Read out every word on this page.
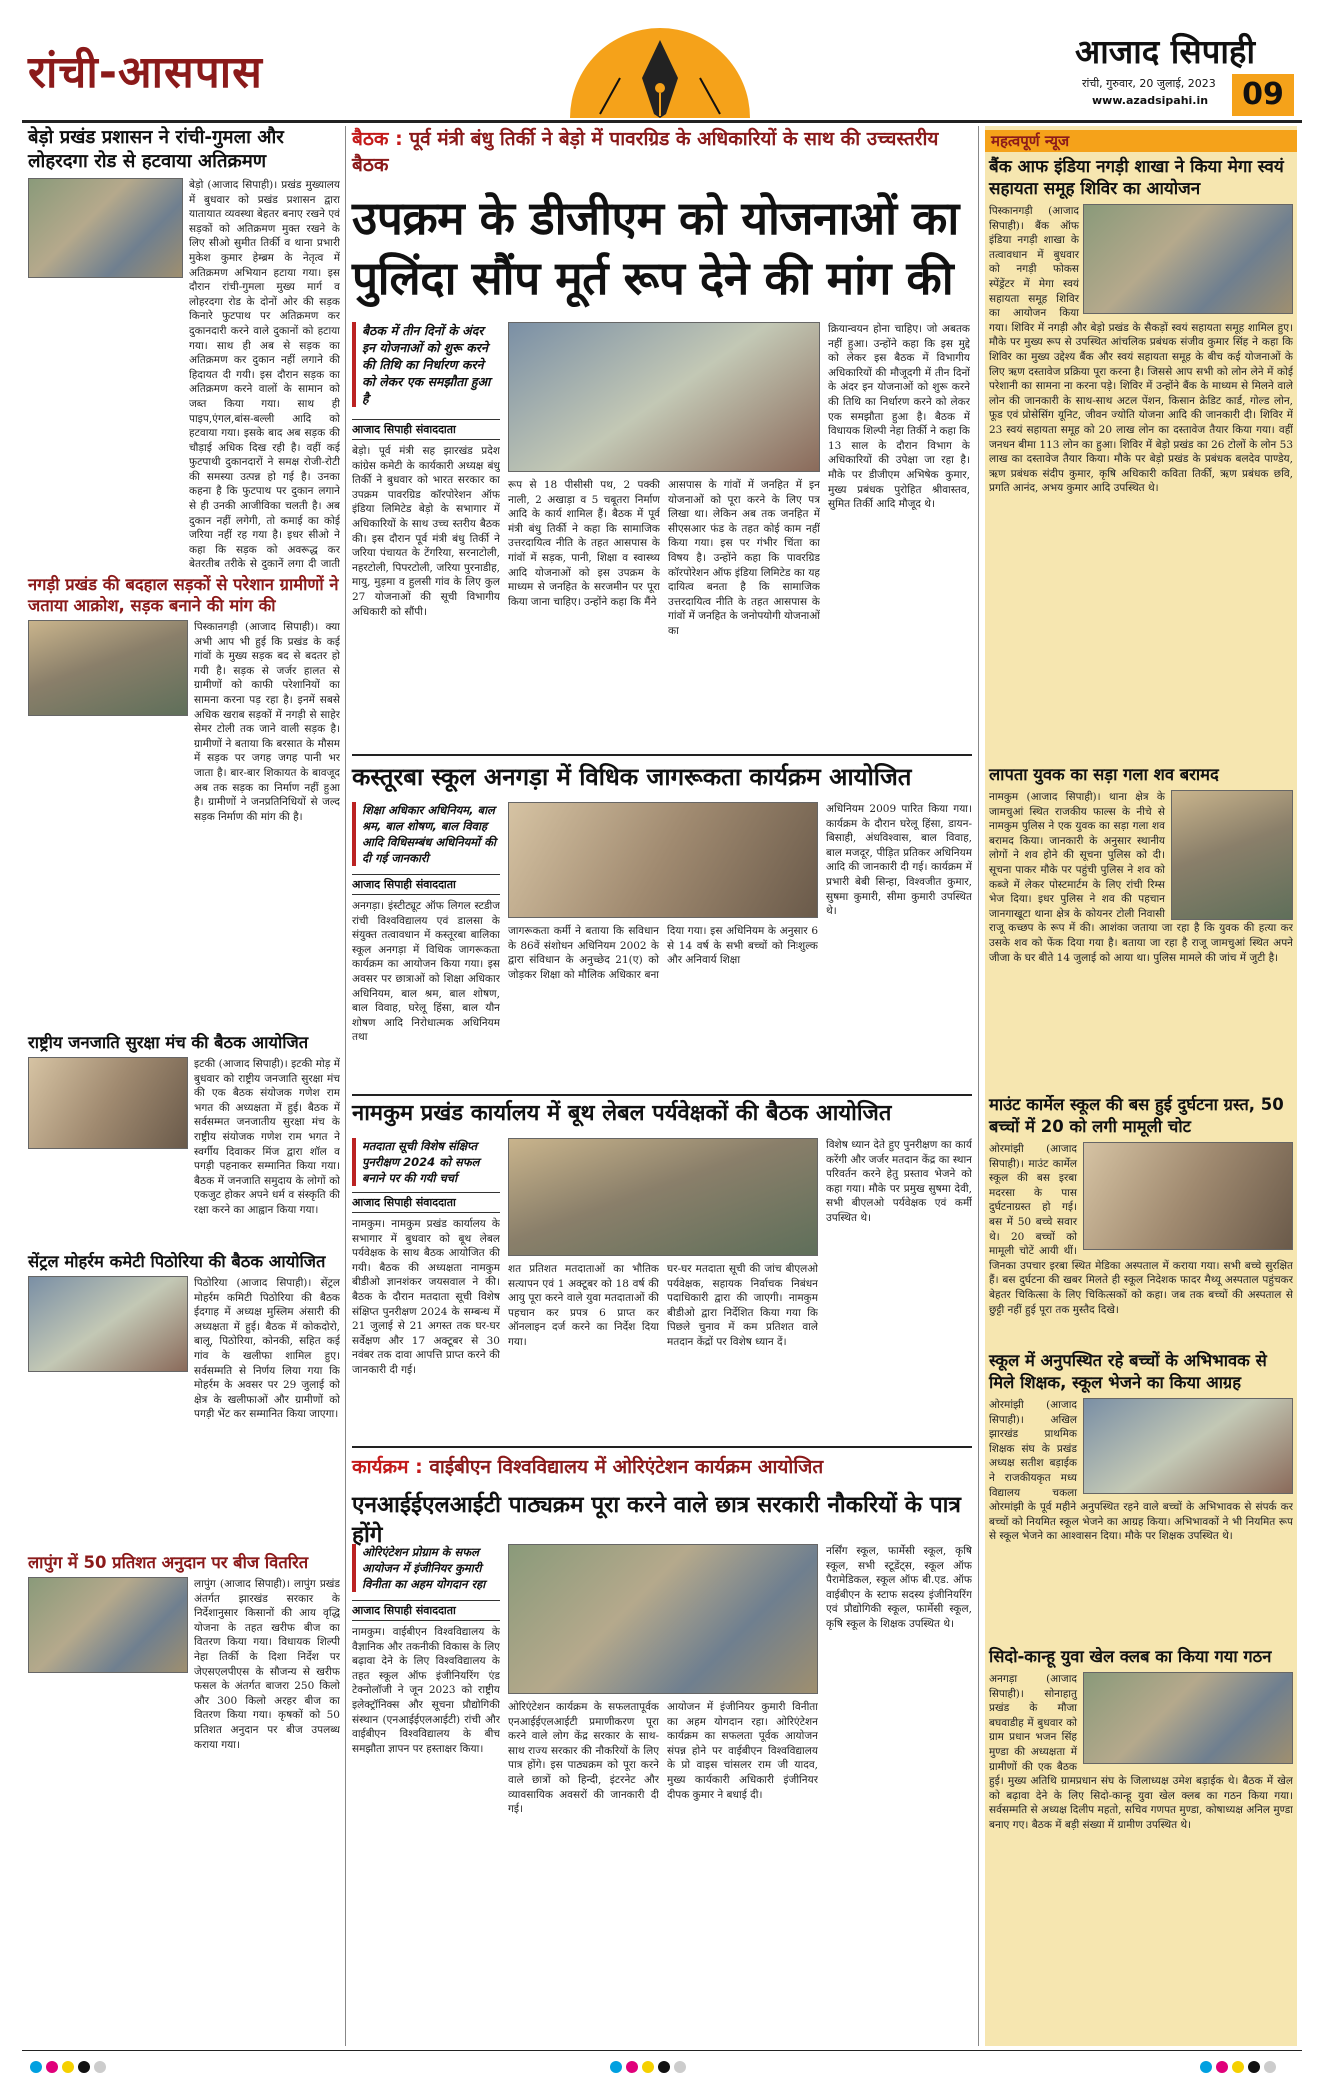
रांची-आसपास	आजाद सिपाही
रांची, गुरुवार, 20 जुलाई, 2023
www.azadsipahi.in	09
बेड़ो प्रखंड प्रशासन ने रांची-गुमला और लोहरदगा रोड से हटवाया अतिक्रमण
बेड़ो (आजाद सिपाही)। प्रखंड मुख्यालय में बुधवार को प्रखंड प्रशासन द्वारा यातायात व्यवस्था बेहतर बनाए रखने एवं सड़कों को अतिक्रमण मुक्त रखने के लिए सीओ सुमीत तिर्की व थाना प्रभारी मुकेश कुमार हेम्ब्रम के नेतृत्व में अतिक्रमण अभियान हटाया गया। इस दौरान रांची-गुमला मुख्य मार्ग व लोहरदगा रोड के दोनों ओर की सड़क किनारे फुटपाथ पर अतिक्रमण कर दुकानदारी करने वाले दुकानों को हटाया गया। साथ ही अब से सड़क का अतिक्रमण कर दुकान नहीं लगाने की हिदायत दी गयी। इस दौरान सड़क का अतिक्रमण करने वालों के सामान को जब्त किया गया। साथ ही पाइप,एंगल,बांस-बल्ली आदि को हटवाया गया। इसके बाद अब सड़क की चौड़ाई अधिक दिख रही है। वहीं कई फुटपाथी दुकानदारों ने समक्ष रोजी-रोटी की समस्या उत्पन्न हो गई है। उनका कहना है कि फुटपाथ पर दुकान लगाने से ही उनकी आजीविका चलती है। अब दुकान नहीं लगेगी, तो कमाई का कोई जरिया नहीं रह गया है। इधर सीओ ने कहा कि सड़क को अवरूद्ध कर बेतरतीब तरीके से दुकानें लगा दी जाती
नगड़ी प्रखंड की बदहाल सड़कों से परेशान ग्रामीणों ने जताया आक्रोश, सड़क बनाने की मांग की
पिस्काऩगड़ी (आजाद सिपाही)। क्या अभी आप भी हुई कि प्रखंड के कई गांवों के मुख्य सड़क बद से बदतर हो गयी है। सड़क से जर्जर हालत से ग्रामीणों को काफी परेशानियों का सामना करना पड़ रहा है। इनमें सबसे अधिक खराब सड़कों में नगड़ी से साहेर सेमर टोली तक जाने वाली सड़क है। ग्रामीणों ने बताया कि बरसात के मौसम में सड़क पर जगह जगह पानी भर जाता है। बार-बार शिकायत के बावजूद अब तक सड़क का निर्माण नहीं हुआ है। ग्रामीणों ने जनप्रतिनिधियों से जल्द सड़क निर्माण की मांग की है।
राष्ट्रीय जनजाति सुरक्षा मंच की बैठक आयोजित
इटकी (आजाद सिपाही)। इटकी मोड़ में बुधवार को राष्ट्रीय जनजाति सुरक्षा मंच की एक बैठक संयोजक गणेश राम भगत की अध्यक्षता में हुई। बैठक में सर्वसम्मत जनजातीय सुरक्षा मंच के राष्ट्रीय संयोजक गणेश राम भगत ने स्वर्गीय दिवाकर मिंज द्वारा शॉल व पगड़ी पहनाकर सम्मानित किया गया। बैठक में जनजाति समुदाय के लोगों को एकजुट होकर अपने धर्म व संस्कृति की रक्षा करने का आह्वान किया गया।
सेंट्रल मोहर्रम कमेटी पिठोरिया की बैठक आयोजित
पिठोरिया (आजाद सिपाही)। सेंट्रल मोहर्रम कमिटी पिठोरिया की बैठक ईदगाह में अध्यक्ष मुस्लिम अंसारी की अध्यक्षता में हुई। बैठक में कोकदोरो, बालू, पिठोरिया, कोनकी, सहित कई गांव के खलीफा शामिल हुए। सर्वसम्मति से निर्णय लिया गया कि मोहर्रम के अवसर पर 29 जुलाई को क्षेत्र के खलीफाओं और ग्रामीणों को पगड़ी भेंट कर सम्मानित किया जाएगा।
लापुंग में 50 प्रतिशत अनुदान पर बीज वितरित
लापुंग (आजाद सिपाही)। लापुंग प्रखंड अंतर्गत झारखंड सरकार के निर्देशानुसार किसानों की आय वृद्धि योजना के तहत खरीफ बीज का वितरण किया गया। विधायक शिल्पी नेहा तिर्की के दिशा निर्देश पर जेएसएलपीएस के सौजन्य से खरीफ फसल के अंतर्गत बाजरा 250 किलो और 300 किलो अरहर बीज का वितरण किया गया। कृषकों को 50 प्रतिशत अनुदान पर बीज उपलब्ध कराया गया।
बैठक : पूर्व मंत्री बंधु तिर्की ने बेड़ो में पावरग्रिड के अधिकारियों के साथ की उच्चस्तरीय बैठक
उपक्रम के डीजीएम को योजनाओं का पुलिंदा सौंप मूर्त रूप देने की मांग की
बैठक में तीन दिनों के अंदर इन योजनाओं को शुरू करने की तिथि का निर्धारण करने को लेकर एक समझौता हुआ है
आजाद सिपाही संवाददाता
बेड़ो। पूर्व मंत्री सह झारखंड प्रदेश कांग्रेस कमेटी के कार्यकारी अध्यक्ष बंधु तिर्की ने बुधवार को भारत सरकार का उपक्रम पावरग्रिड कॉरपोरेशन ऑफ इंडिया लिमिटेड बेड़ो के सभागार में अधिकारियों के साथ उच्च स्तरीय बैठक की। इस दौरान पूर्व मंत्री बंधु तिर्की ने जरिया पंचायत के टेंगरिया, सरनाटोली, नहरटोली, पिपरटोली, जरिया पुरनाडीह, मायु, मुड़मा व हुलसी गांव के लिए कुल 27 योजनाओं की सूची विभागीय अधिकारी को सौंपी।
क्रियान्वयन होना चाहिए। जो अबतक नहीं हुआ। उन्होंने कहा कि इस मुद्दे को लेकर इस बैठक में विभागीय अधिकारियों की मौजूदगी में तीन दिनों के अंदर इन योजनाओं को शुरू करने की तिथि का निर्धारण करने को लेकर एक समझौता हुआ है। बैठक में विधायक शिल्पी नेहा तिर्की ने कहा कि 13 साल के दौरान विभाग के अधिकारियों की उपेक्षा जा रहा है। मौके पर डीजीएम अभिषेक कुमार, मुख्य प्रबंधक पुरोहित श्रीवास्तव, सुमित तिर्की आदि मौजूद थे।
रूप से 18 पीसीसी पथ, 2 पक्की नाली, 2 अखाड़ा व 5 चबूतरा निर्माण आदि के कार्य शामिल हैं। बैठक में पूर्व मंत्री बंधु तिर्की ने कहा कि सामाजिक उत्तरदायित्व नीति के तहत आसपास के गांवों में सड़क, पानी, शिक्षा व स्वास्थ्य आदि योजनाओं को इस उपक्रम के माध्यम से जनहित के सरजमीन पर पूरा किया जाना चाहिए। उन्होंने कहा कि मैंने
आसपास के गांवों में जनहित में इन योजनाओं को पूरा करने के लिए पत्र लिखा था। लेकिन अब तक जनहित में सीएसआर फंड के तहत कोई काम नहीं किया गया। इस पर गंभीर चिंता का विषय है। उन्होंने कहा कि पावरग्रिड कॉरपोरेशन ऑफ इंडिया लिमिटेड का यह दायित्व बनता है कि सामाजिक उत्तरदायित्व नीति के तहत आसपास के गांवों में जनहित के जनोपयोगी योजनाओं का
कस्तूरबा स्कूल अनगड़ा में विधिक जागरूकता कार्यक्रम आयोजित
शिक्षा अधिकार अधिनियम, बाल श्रम, बाल शोषण, बाल विवाह आदि विधिसम्बंध अधिनियमों की दी गई जानकारी
आजाद सिपाही संवाददाता
अनगड़ा। इंस्टीट्यूट ऑफ लिगल स्टडीज रांची विश्वविद्यालय एवं डालसा के संयुक्त तत्वावधान में कस्तूरबा बालिका स्कूल अनगड़ा में विधिक जागरूकता कार्यक्रम का आयोजन किया गया। इस अवसर पर छात्राओं को शिक्षा अधिकार अधिनियम, बाल श्रम, बाल शोषण, बाल विवाह, घरेलू हिंसा, बाल यौन शोषण आदि निरोधात्मक अधिनियम तथा
जागरूकता कर्मी ने बताया कि सविधान के 86वें संशोधन अधिनियम 2002 के द्वारा संविधान के अनुच्छेद 21(ए) को जोड़कर शिक्षा को मौलिक अधिकार बना दिया गया। इस अधिनियम के अनुसार 6 से 14 वर्ष के सभी बच्चों को निःशुल्क और अनिवार्य शिक्षा
अधिनियम 2009 पारित किया गया। कार्यक्रम के दौरान घरेलू हिंसा, डायन-बिसाही, अंधविश्वास, बाल विवाह, बाल मजदूर, पीड़ित प्रतिकर अधिनियम आदि की जानकारी दी गई। कार्यक्रम में प्रभारी बेबी सिन्हा, विश्वजीत कुमार, सुषमा कुमारी, सीमा कुमारी उपस्थित थे।
नामकुम प्रखंड कार्यालय में बूथ लेबल पर्यवेक्षकों की बैठक आयोजित
मतदाता सूची विशेष संक्षिप्त पुनरीक्षण 2024 को सफल बनाने पर की गयी चर्चा
आजाद सिपाही संवाददाता
नामकुम। नामकुम प्रखंड कार्यालय के सभागार में बुधवार को बूथ लेबल पर्यवेक्षक के साथ बैठक आयोजित की गयी। बैठक की अध्यक्षता नामकुम बीडीओ ज्ञानशंकर जयसवाल ने की। बैठक के दौरान मतदाता सूची विशेष संक्षिप्त पुनरीक्षण 2024 के सम्बन्ध में 21 जुलाई से 21 अगस्त तक घर-घर सर्वेक्षण और 17 अक्टूबर से 30 नवंबर तक दावा आपत्ति प्राप्त करने की जानकारी दी गई।
शत प्रतिशत मतदाताओं का भौतिक सत्यापन एवं 1 अक्टूबर को 18 वर्ष की आयु पूरा करने वाले युवा मतदाताओं की पहचान कर प्रपत्र 6 प्राप्त कर ऑनलाइन दर्ज करने का निर्देश दिया गया।
घर-घर मतदाता सूची की जांच बीएलओ पर्यवेक्षक, सहायक निर्वाचक निबंधन पदाधिकारी द्वारा की जाएगी। नामकुम बीडीओ द्वारा निर्देशित किया गया कि पिछले चुनाव में कम प्रतिशत वाले मतदान केंद्रों पर विशेष ध्यान दें।
विशेष ध्यान देते हुए पुनरीक्षण का कार्य करेंगी और जर्जर मतदान केंद्र का स्थान परिवर्तन करने हेतु प्रस्ताव भेजने को कहा गया। मौके पर प्रमुख सुषमा देवी, सभी बीएलओ पर्यवेक्षक एवं कर्मी उपस्थित थे।
कार्यक्रम : वाईबीएन विश्वविद्यालय में ओरिएंटेशन कार्यक्रम आयोजित
एनआईईएलआईटी पाठ्यक्रम पूरा करने वाले छात्र सरकारी नौकरियों के पात्र होंगे
ओरिएंटेशन प्रोग्राम के सफल आयोजन में इंजीनियर कुमारी विनीता का अहम योगदान रहा
आजाद सिपाही संवाददाता
नामकुम। वाईबीएन विश्वविद्यालय के वैज्ञानिक और तकनीकी विकास के लिए बढ़ावा देने के लिए विश्वविद्यालय के तहत स्कूल ऑफ इंजीनियरिंग एंड टेक्नोलॉजी ने जून 2023 को राष्ट्रीय इलेक्ट्रॉनिक्स और सूचना प्रौद्योगिकी संस्थान (एनआईईएलआईटी) रांची और वाईबीएन विश्वविद्यालय के बीच समझौता ज्ञापन पर हस्ताक्षर किया।
ओरिएंटेशन कार्यक्रम के सफलतापूर्वक एनआईईएलआईटी प्रमाणीकरण पूरा करने वाले लोग केंद्र सरकार के साथ-साथ राज्य सरकार की नौकरियों के लिए पात्र होंगे। इस पाठ्यक्रम को पूरा करने वाले छात्रों को हिन्दी, इंटरनेट और व्यावसायिक अवसरों की जानकारी दी गई।
आयोजन में इंजीनियर कुमारी विनीता का अहम योगदान रहा। ओरिएंटेशन कार्यक्रम का सफलता पूर्वक आयोजन संपन्न होने पर वाईबीएन विश्वविद्यालय के प्रो वाइस चांसलर राम जी यादव, मुख्य कार्यकारी अधिकारी इंजीनियर दीपक कुमार ने बधाई दी।
नर्सिंग स्कूल, फार्मेसी स्कूल, कृषि स्कूल, सभी स्टूडेंट्स, स्कूल ऑफ पैरामेडिकल, स्कूल ऑफ बी.एड. ऑफ वाईबीएन के स्टाफ सदस्य इंजीनियरिंग एवं प्रौद्योगिकी स्कूल, फार्मेसी स्कूल, कृषि स्कूल के शिक्षक उपस्थित थे।
महत्वपूर्ण न्यूज
बैंक आफ इंडिया नगड़ी शाखा ने किया मेगा स्वयं सहायता समूह शिविर का आयोजन
पिस्कानगड़ी (आजाद सिपाही)। बैंक ऑफ इंडिया नगड़ी शाखा के तत्वावधान में बुधवार को नगड़ी फोकस स्पेंड्रेंटर में मेगा स्वयं सहायता समूह शिविर का आयोजन किया गया। शिविर में नगड़ी और बेड़ो प्रखंड के सैकड़ों स्वयं सहायता समूह शामिल हुए। मौके पर मुख्य रूप से उपस्थित आंचलिक प्रबंधक संजीव कुमार सिंह ने कहा कि शिविर का मुख्य उद्देश्य बैंक और स्वयं सहायता समूह के बीच कई योजनाओं के लिए ऋण दस्तावेज प्रक्रिया पूरा करना है। जिससे आप सभी को लोन लेने में कोई परेशानी का सामना ना करना पड़े। शिविर में उन्होंने बैंक के माध्यम से मिलने वाले लोन की जानकारी के साथ-साथ अटल पेंशन, किसान क्रेडिट कार्ड, गोल्ड लोन, फूड एवं प्रोसेसिंग यूनिट, जीवन ज्योति योजना आदि की जानकारी दी। शिविर में 23 स्वयं सहायता समूह को 20 लाख लोन का दस्तावेज तैयार किया गया। वहीं जनधन बीमा 113 लोन का हुआ। शिविर में बेड़ो प्रखंड का 26 टोलों के लोन 53 लाख का दस्तावेज तैयार किया। मौके पर बेड़ो प्रखंड के प्रबंधक बलदेव पाण्डेय, ऋण प्रबंधक संदीप कुमार, कृषि अधिकारी कविता तिर्की, ऋण प्रबंधक छवि, प्रगति आनंद, अभय कुमार आदि उपस्थित थे।
लापता युवक का सड़ा गला शव बरामद
नामकुम (आजाद सिपाही)। थाना क्षेत्र के जामचुआं स्थित राजकीय फाल्स के नीचे से नामकुम पुलिस ने एक युवक का सड़ा गला शव बरामद किया। जानकारी के अनुसार स्थानीय लोगों ने शव होने की सूचना पुलिस को दी। सूचना पाकर मौके पर पहुंची पुलिस ने शव को कब्जे में लेकर पोस्टमार्टम के लिए रांची रिम्स भेज दिया। इधर पुलिस ने शव की पहचान जानगाखूटा थाना क्षेत्र के कोयनर टोली निवासी राजू कच्छप के रूप में की। आशंका जताया जा रहा है कि युवक की हत्या कर उसके शव को फेंक दिया गया है। बताया जा रहा है राजू जामचुआं स्थित अपने जीजा के घर बीते 14 जुलाई को आया था। पुलिस मामले की जांच में जुटी है।
माउंट कार्मेल स्कूल की बस हुई दुर्घटना ग्रस्त, 50 बच्चों में 20 को लगी मामूली चोट
ओरमांझी (आजाद सिपाही)। माउंट कार्मेल स्कूल की बस इरबा मदरसा के पास दुर्घटनाग्रस्त हो गई। बस में 50 बच्चे सवार थे। 20 बच्चों को मामूली चोटें आयी थीं। जिनका उपचार इरबा स्थित मेडिका अस्पताल में कराया गया। सभी बच्चे सुरक्षित हैं। बस दुर्घटना की खबर मिलते ही स्कूल निदेशक फादर मैथ्यू अस्पताल पहुंचकर बेहतर चिकित्सा के लिए चिकित्सकों को कहा। जब तक बच्चों की अस्पताल से छुट्टी नहीं हुई पूरा तक मुस्तैद दिखे।
स्कूल में अनुपस्थित रहे बच्चों के अभिभावक से मिले शिक्षक, स्कूल भेजने का किया आग्रह
ओरमांझी (आजाद सिपाही)। अखिल झारखंड प्राथमिक शिक्षक संघ के प्रखंड अध्यक्ष सतीश बड़ाईक ने राजकीयकृत मध्य विद्यालय चकला ओरमांझी के पूर्व महीने अनुपस्थित रहने वाले बच्चों के अभिभावक से संपर्क कर बच्चों को नियमित स्कूल भेजने का आग्रह किया। अभिभावकों ने भी नियमित रूप से स्कूल भेजने का आश्वासन दिया। मौके पर शिक्षक उपस्थित थे।
सिदो-कान्हू युवा खेल क्लब का किया गया गठन
अनगड़ा (आजाद सिपाही)। सोनाहातु प्रखंड के मौजा बघवाडीह में बुधवार को ग्राम प्रधान भजन सिंह मुण्डा की अध्यक्षता में ग्रामीणों की एक बैठक हुई। मुख्य अतिथि ग्रामप्रधान संघ के जिलाध्यक्ष उमेश बड़ाईक थे। बैठक में खेल को बढ़ावा देने के लिए सिदो-कान्हू युवा खेल क्लब का गठन किया गया। सर्वसम्मति से अध्यक्ष दिलीप महतो, सचिव गणपत मुण्डा, कोषाध्यक्ष अनिल मुण्डा बनाए गए। बैठक में बड़ी संख्या में ग्रामीण उपस्थित थे।
